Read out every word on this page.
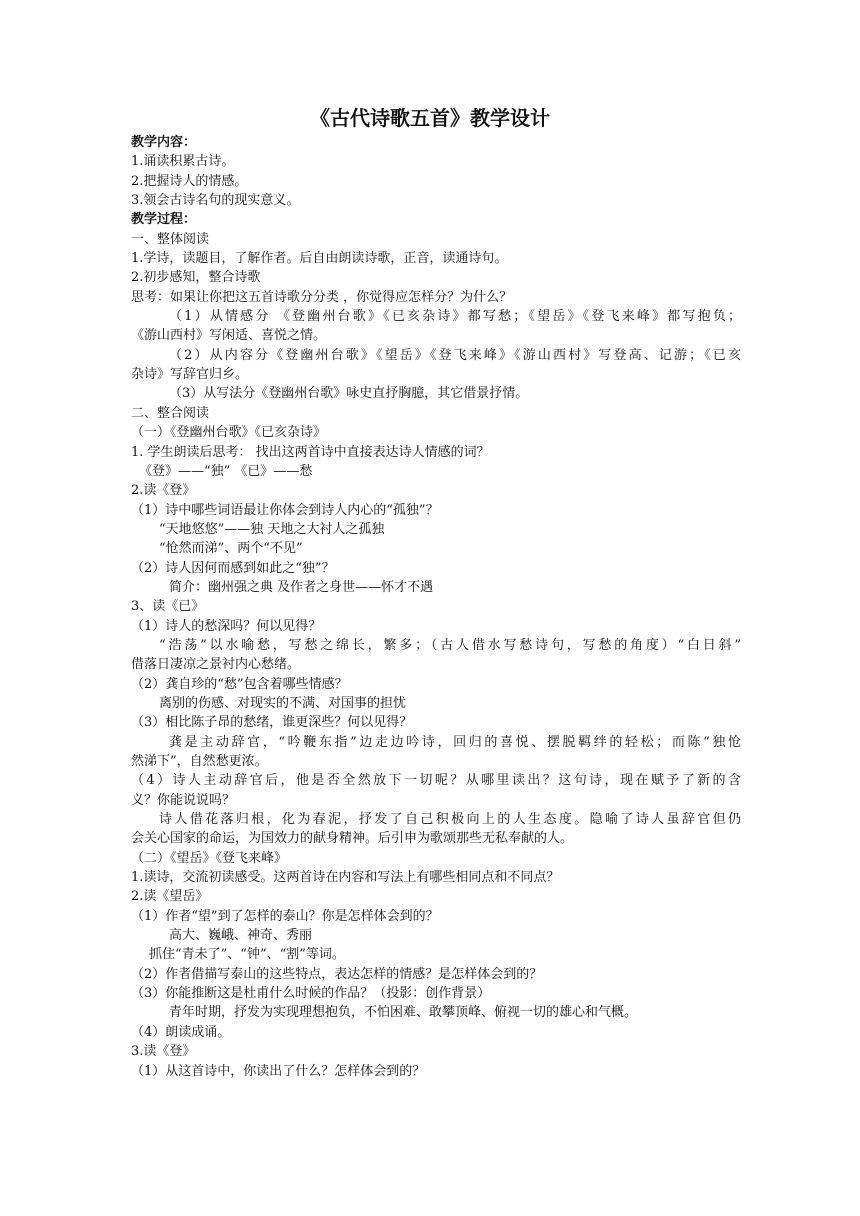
《古代诗歌五首》教学设计
教学内容：
1.诵读积累古诗。
2.把握诗人的情感。
3.领会古诗名句的现实意义。
教学过程：
一、整体阅读
1.学诗，读题目，了解作者。后自由朗读诗歌，正音，读通诗句。
2.初步感知，整合诗歌
思考：如果让你把这五首诗歌分分类 ，你觉得应怎样分？为什么？
（1）从情感分 《登幽州台歌》《已亥杂诗》都写愁；《望岳》《登飞来峰》都写抱负；
《游山西村》写闲适、喜悦之情。
（2）从内容分《登幽州台歌》《望岳》《登飞来峰》《游山西村》写登高、记游；《已亥
杂诗》写辞官归乡。
（3）从写法分《登幽州台歌》咏史直抒胸臆，其它借景抒情。
二、整合阅读
（一）《登幽州台歌》《已亥杂诗》
1. 学生朗读后思考： 找出这两首诗中直接表达诗人情感的词？
《登》——“独” 《已》——愁
2.读《登》
（1）诗中哪些词语最让你体会到诗人内心的“孤独”？
“天地悠悠”——独 天地之大衬人之孤独
“怆然而涕”、两个“不见”
（2）诗人因何而感到如此之“独”？
简介：幽州强之典 及作者之身世——怀才不遇
3、读《已》
（1）诗人的愁深吗？何以见得？
“浩荡”以水喻愁，写愁之绵长，繁多；（古人借水写愁诗句，写愁的角度）“白日斜”
借落日凄凉之景衬内心愁绪。
（2）龚自珍的“愁”包含着哪些情感？
离别的伤感、对现实的不满、对国事的担忧
（3）相比陈子昂的愁绪，谁更深些？何以见得？
龚是主动辞官，“吟鞭东指”边走边吟诗，回归的喜悦、摆脱羁绊的轻松；而陈“独怆
然涕下”，自然愁更浓。
（4）诗人主动辞官后，他是否全然放下一切呢？从哪里读出？这句诗，现在赋予了新的含
义？你能说说吗？
诗人借花落归根，化为春泥，抒发了自己积极向上的人生态度。隐喻了诗人虽辞官但仍
会关心国家的命运，为国效力的献身精神。后引申为歌颂那些无私奉献的人。
（二）《望岳》《登飞来峰》
1.读诗，交流初读感受。这两首诗在内容和写法上有哪些相同点和不同点？
2.读《望岳》
（1）作者“望”到了怎样的泰山？你是怎样体会到的？
高大、巍峨、神奇、秀丽
抓住“青未了”、“钟”、“割”等词。
（2）作者借描写泰山的这些特点，表达怎样的情感？是怎样体会到的？
（3）你能推断这是杜甫什么时候的作品？（投影：创作背景）
青年时期，抒发为实现理想抱负，不怕困难、敢攀顶峰、俯视一切的雄心和气概。
（4）朗读成诵。
3.读《登》
（1）从这首诗中，你读出了什么？怎样体会到的？
